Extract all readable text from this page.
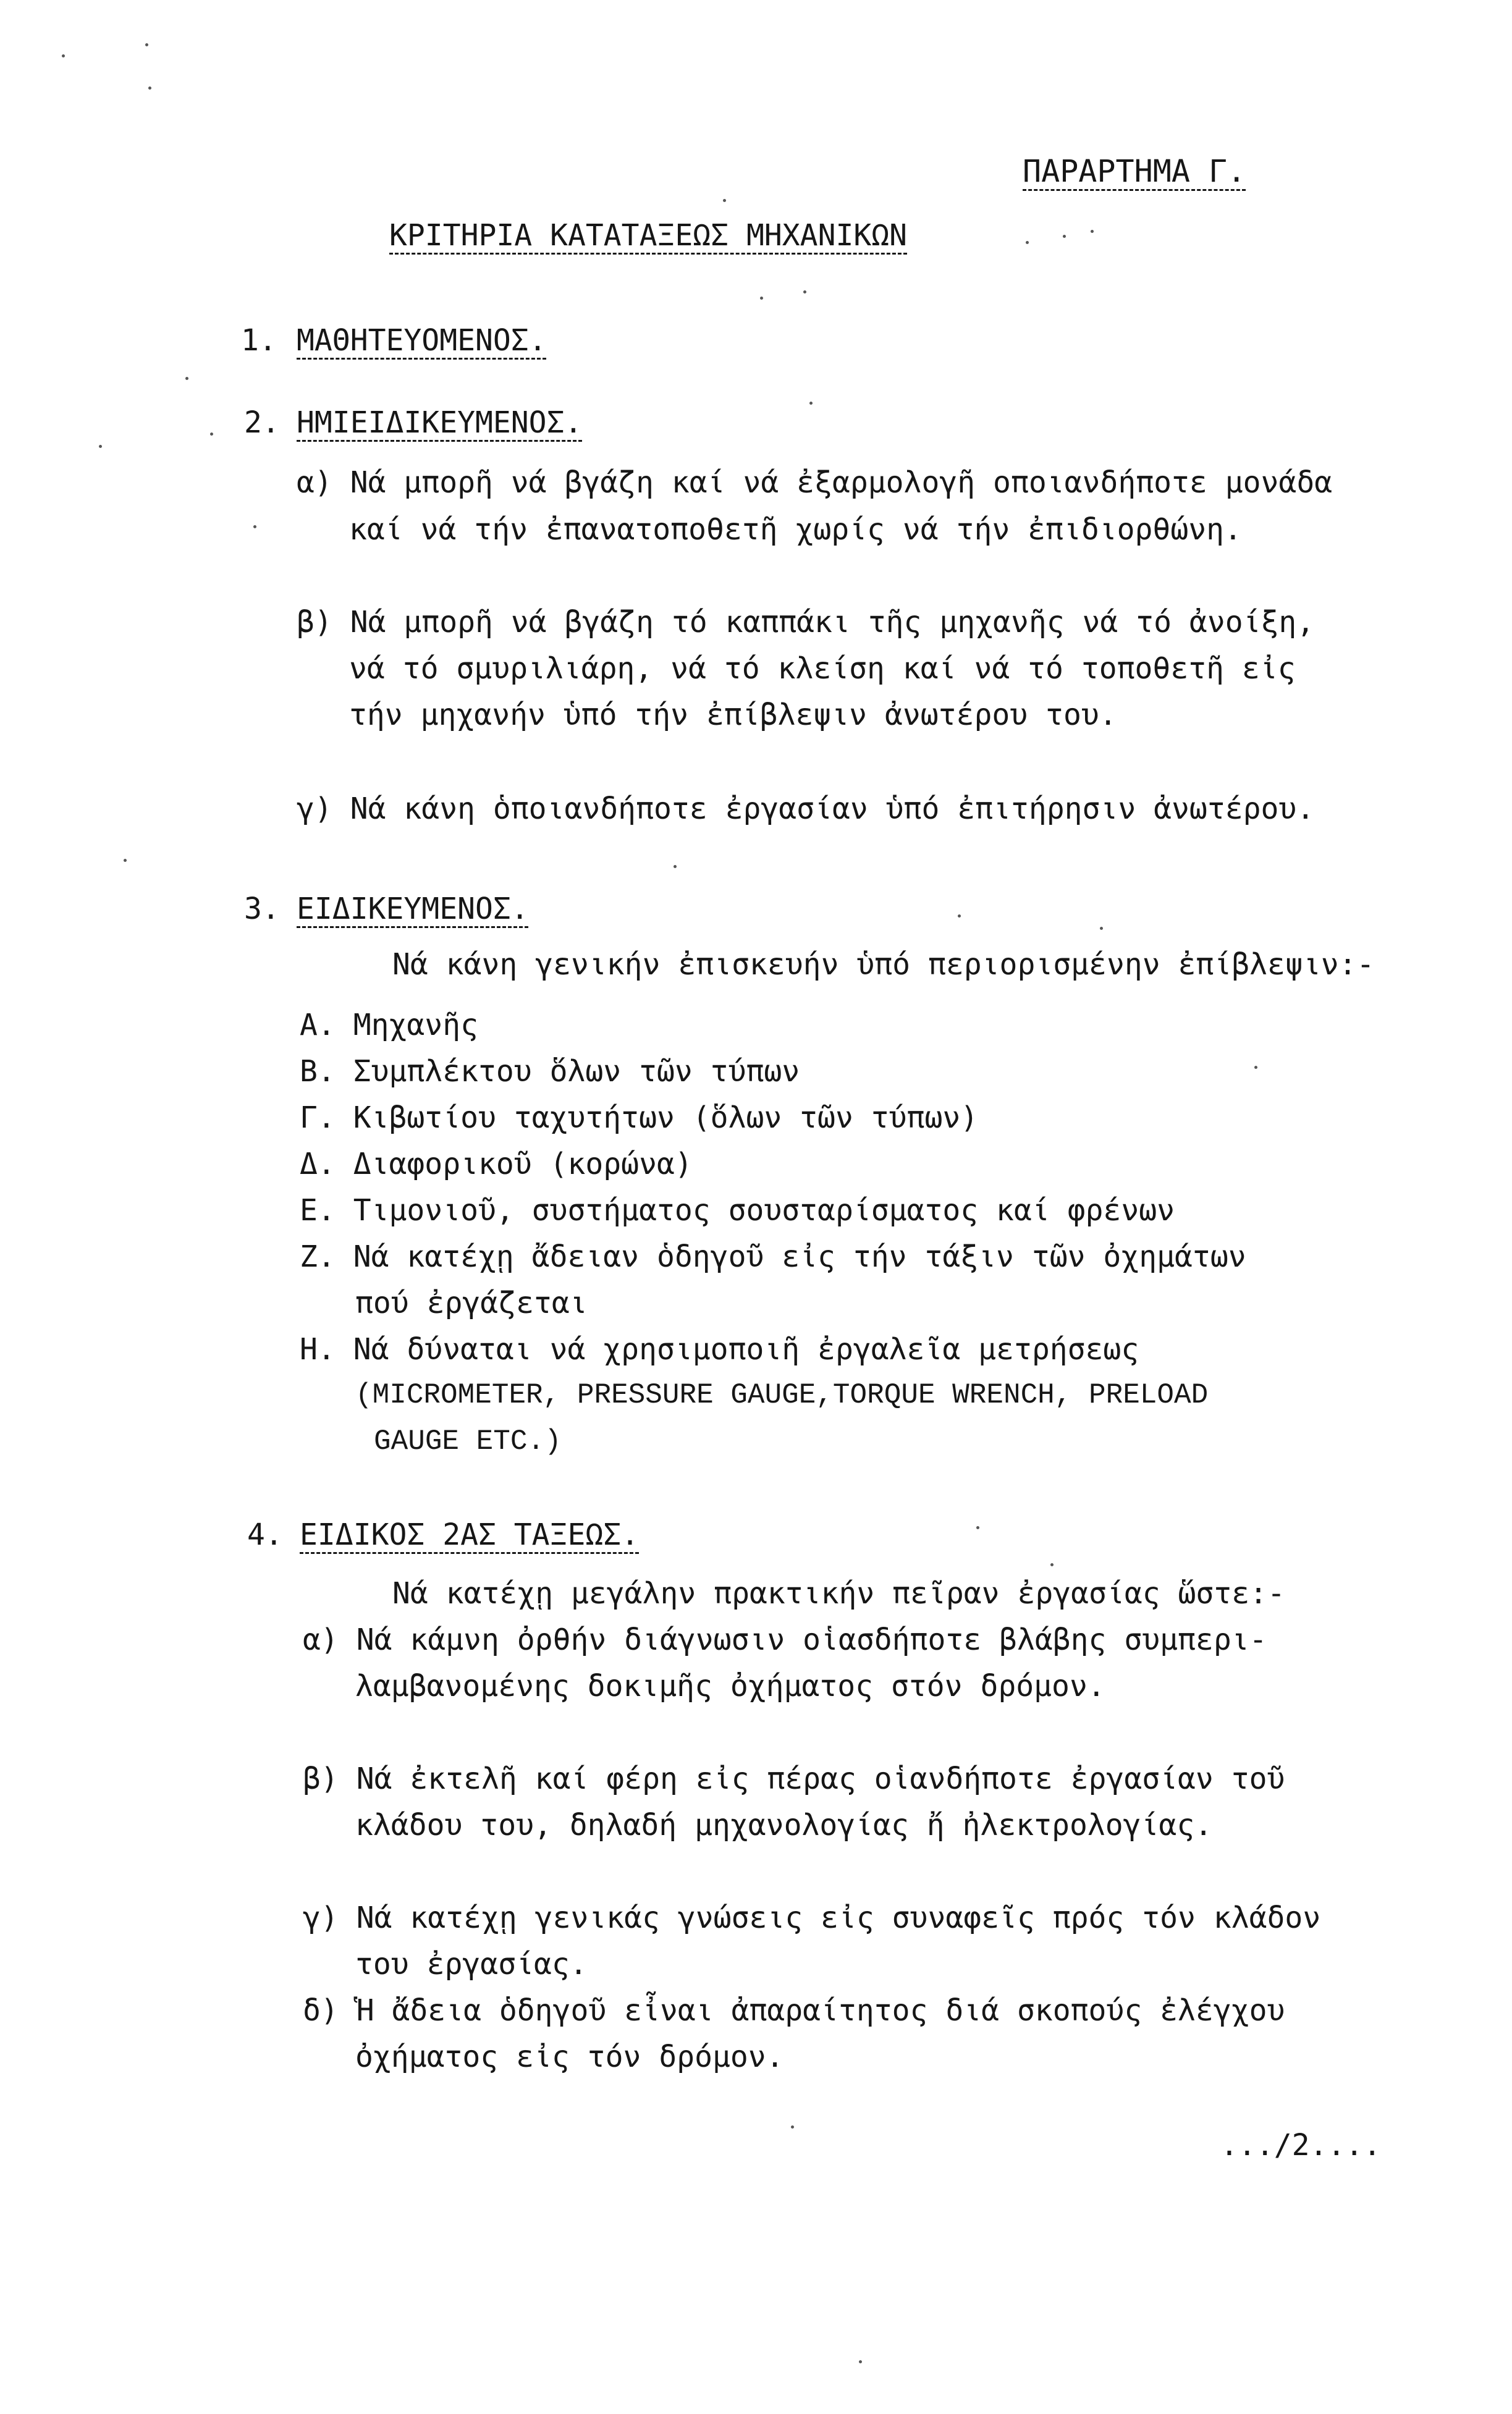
ΠΑΡΑΡΤΗΜΑ Γ.
ΚΡΙΤΗΡΙΑ ΚΑΤΑΤΑΞΕΩΣ ΜΗΧΑΝΙΚΩΝ
1. ΜΑΘΗΤΕΥΟΜΕΝΟΣ.
2. ΗΜΙΕΙΔΙΚΕΥΜΕΝΟΣ.
α) Νά μπορῆ νά βγάζη καί νά ἐξαρμολογῆ οποιανδήποτε μονάδα
καί νά τήν ἐπανατοποθετῆ χωρίς νά τήν ἐπιδιορθώνη.
β) Νά μπορῆ νά βγάζη τό καππάκι τῆς μηχανῆς νά τό ἀνοίξη,
νά τό σμυριλιάρη, νά τό κλείση καί νά τό τοποθετῆ εἰς
τήν μηχανήν ὑπό τήν ἐπίβλεψιν ἀνωτέρου του.
γ) Νά κάνη ὁποιανδήποτε ἐργασίαν ὑπό ἐπιτήρησιν ἀνωτέρου.
3. ΕΙΔΙΚΕΥΜΕΝΟΣ.
Νά κάνη γενικήν ἐπισκευήν ὑπό περιορισμένην ἐπίβλεψιν:-
Α. Μηχανῆς
Β. Συμπλέκτου ὅλων τῶν τύπων
Γ. Κιβωτίου ταχυτήτων (ὅλων τῶν τύπων)
Δ. Διαφορικοῦ (κορώνα)
Ε. Τιμονιοῦ, συστήματος σουσταρίσματος καί φρένων
Ζ. Νά κατέχῃ ἄδειαν ὁδηγοῦ εἰς τήν τάξιν τῶν ὀχημάτων
πού ἐργάζεται
Η. Νά δύναται νά χρησιμοποιῆ ἐργαλεῖα μετρήσεως
(MICROMETER, PRESSURE GAUGE,TORQUE WRENCH, PRELOAD
GAUGE ETC.)
4. ΕΙΔΙΚΟΣ 2ΑΣ ΤΑΞΕΩΣ.
Νά κατέχῃ μεγάλην πρακτικήν πεῖραν ἐργασίας ὥστε:-
α) Νά κάμνη ὀρθήν διάγνωσιν οἱασδήποτε βλάβης συμπερι-
λαμβανομένης δοκιμῆς ὀχήματος στόν δρόμον.
β) Νά ἐκτελῆ καί φέρη εἰς πέρας οἱανδήποτε ἐργασίαν τοῦ
κλάδου του, δηλαδή μηχανολογίας ἤ ἠλεκτρολογίας.
γ) Νά κατέχῃ γενικάς γνώσεις εἰς συναφεῖς πρός τόν κλάδον
του ἐργασίας.
δ) Ἡ ἄδεια ὁδηγοῦ εἶναι ἀπαραίτητος διά σκοπούς ἐλέγχου
ὀχήματος εἰς τόν δρόμον.
.../2....
